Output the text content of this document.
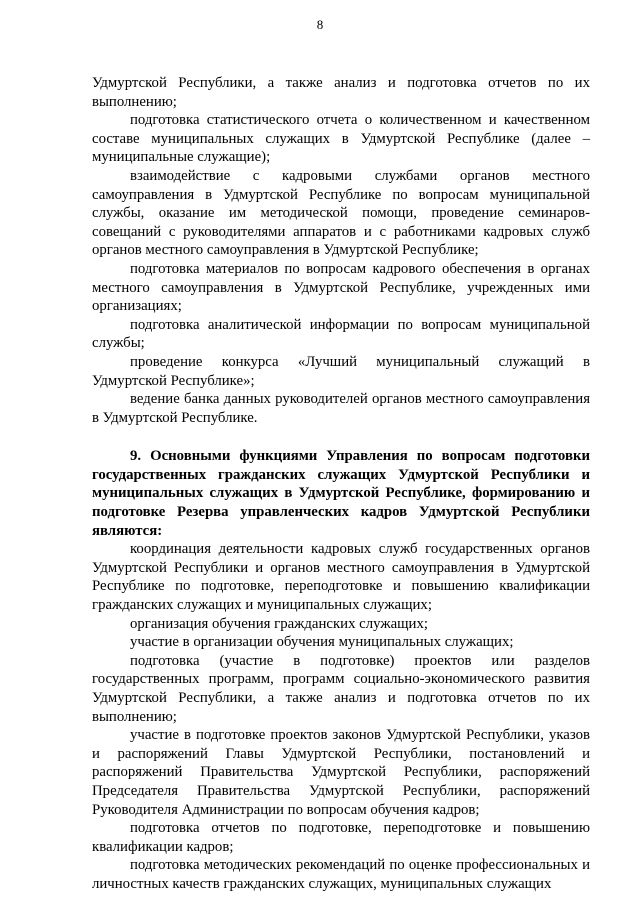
8

Удмуртской Республики, а также анализ и подготовка отчетов по их выполнению;

подготовка статистического отчета о количественном и качественном составе муниципальных служащих в Удмуртской Республике (далее – муниципальные служащие);

взаимодействие с кадровыми службами органов местного самоуправления в Удмуртской Республике по вопросам муниципальной службы, оказание им методической помощи, проведение семинаров-совещаний с руководителями аппаратов и с работниками кадровых служб органов местного самоуправления в Удмуртской Республике;

подготовка материалов по вопросам кадрового обеспечения в органах местного самоуправления в Удмуртской Республике, учрежденных ими организациях;

подготовка аналитической информации по вопросам муниципальной службы;

проведение конкурса «Лучший муниципальный служащий в Удмуртской Республике»;

ведение банка данных руководителей органов местного самоуправления в Удмуртской Республике.

9. Основными функциями Управления по вопросам подготовки государственных гражданских служащих Удмуртской Республики и муниципальных служащих в Удмуртской Республике, формированию и подготовке Резерва управленческих кадров Удмуртской Республики являются:

координация деятельности кадровых служб государственных органов Удмуртской Республики и органов местного самоуправления в Удмуртской Республике по подготовке, переподготовке и повышению квалификации гражданских служащих и муниципальных служащих;

организация обучения гражданских служащих;

участие в организации обучения муниципальных служащих;

подготовка (участие в подготовке) проектов или разделов государственных программ, программ социально-экономического развития Удмуртской Республики, а также анализ и подготовка отчетов по их выполнению;

участие в подготовке проектов законов Удмуртской Республики, указов и распоряжений Главы Удмуртской Республики, постановлений и распоряжений Правительства Удмуртской Республики, распоряжений Председателя Правительства Удмуртской Республики, распоряжений Руководителя Администрации по вопросам обучения кадров;

подготовка отчетов по подготовке, переподготовке и повышению квалификации кадров;

подготовка методических рекомендаций по оценке профессиональных и личностных качеств гражданских служащих, муниципальных служащих
